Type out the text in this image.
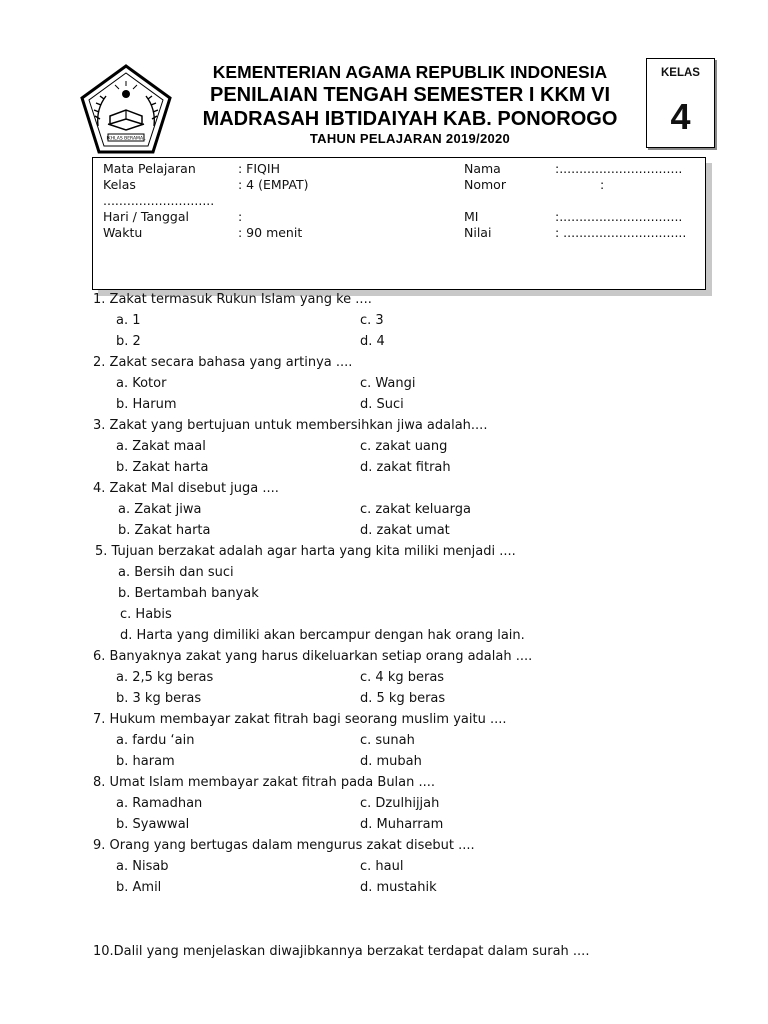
IKHLAS BERAMAL
KEMENTERIAN AGAMA REPUBLIK INDONESIA
PENILAIAN TENGAH SEMESTER I KKM VI
MADRASAH IBTIDAIYAH KAB. PONOROGO
TAHUN PELAJARAN 2019/2020
KELAS
4
Mata Pelajaran	: FIQIH	Nama	:...............................
Kelas	: 4 (EMPAT)	Nomor	:
............................
Hari / Tanggal	:	MI	:...............................
Waktu	: 90 menit	Nilai	: ...............................
1. Zakat termasuk Rukun Islam yang ke ....
a. 1	c. 3
b. 2	d. 4
2. Zakat secara bahasa yang artinya ....
a. Kotor	c. Wangi
b. Harum	d. Suci
3. Zakat yang bertujuan untuk membersihkan jiwa adalah....
a. Zakat maal	c. zakat uang
b. Zakat harta	d. zakat fitrah
4. Zakat Mal disebut juga ....
a. Zakat jiwa	c. zakat keluarga
b. Zakat harta	d. zakat umat
5. Tujuan berzakat adalah agar harta yang kita miliki menjadi ....
a. Bersih dan suci
b. Bertambah banyak
c. Habis
d. Harta yang dimiliki akan bercampur dengan hak orang lain.
6. Banyaknya zakat yang harus dikeluarkan setiap orang adalah ....
a. 2,5 kg beras	c. 4 kg beras
b. 3 kg beras	d. 5 kg beras
7. Hukum membayar zakat fitrah bagi seorang muslim yaitu ....
a. fardu ‘ain	c. sunah
b. haram	d. mubah
8. Umat Islam membayar zakat fitrah pada Bulan ....
a. Ramadhan	c. Dzulhijjah
b. Syawwal	d. Muharram
9. Orang yang bertugas dalam mengurus zakat disebut ....
a. Nisab	c. haul
b. Amil	d. mustahik
10.Dalil yang menjelaskan diwajibkannya berzakat terdapat dalam surah ....
